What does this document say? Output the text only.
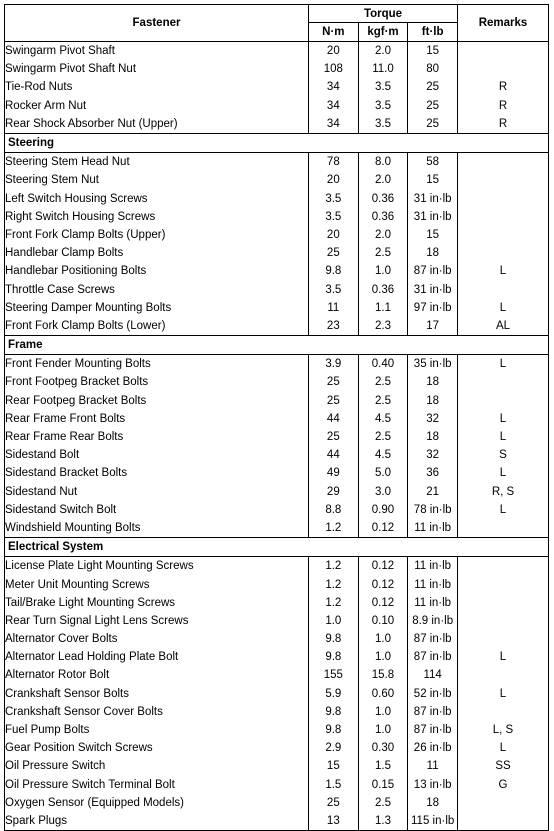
Fastener	Torque			Remarks
	N·m	kgf·m	ft·lb	
Swingarm Pivot Shaft	20	2.0	15	
Swingarm Pivot Shaft Nut	108	11.0	80	
Tie-Rod Nuts	34	3.5	25	R
Rocker Arm Nut	34	3.5	25	R
Rear Shock Absorber Nut (Upper)	34	3.5	25	R
Steering				
Steering Stem Head Nut	78	8.0	58	
Steering Stem Nut	20	2.0	15	
Left Switch Housing Screws	3.5	0.36	31 in·lb	
Right Switch Housing Screws	3.5	0.36	31 in·lb	
Front Fork Clamp Bolts (Upper)	20	2.0	15	
Handlebar Clamp Bolts	25	2.5	18	
Handlebar Positioning Bolts	9.8	1.0	87 in·lb	L
Throttle Case Screws	3.5	0.36	31 in·lb	
Steering Damper Mounting Bolts	11	1.1	97 in·lb	L
Front Fork Clamp Bolts (Lower)	23	2.3	17	AL
Frame				
Front Fender Mounting Bolts	3.9	0.40	35 in·lb	L
Front Footpeg Bracket Bolts	25	2.5	18	
Rear Footpeg Bracket Bolts	25	2.5	18	
Rear Frame Front Bolts	44	4.5	32	L
Rear Frame Rear Bolts	25	2.5	18	L
Sidestand Bolt	44	4.5	32	S
Sidestand Bracket Bolts	49	5.0	36	L
Sidestand Nut	29	3.0	21	R, S
Sidestand Switch Bolt	8.8	0.90	78 in·lb	L
Windshield Mounting Bolts	1.2	0.12	11 in·lb	
Electrical System				
License Plate Light Mounting Screws	1.2	0.12	11 in·lb	
Meter Unit Mounting Screws	1.2	0.12	11 in·lb	
Tail/Brake Light Mounting Screws	1.2	0.12	11 in·lb	
Rear Turn Signal Light Lens Screws	1.0	0.10	8.9 in·lb	
Alternator Cover Bolts	9.8	1.0	87 in·lb	
Alternator Lead Holding Plate Bolt	9.8	1.0	87 in·lb	L
Alternator Rotor Bolt	155	15.8	114	
Crankshaft Sensor Bolts	5.9	0.60	52 in·lb	L
Crankshaft Sensor Cover Bolts	9.8	1.0	87 in·lb	
Fuel Pump Bolts	9.8	1.0	87 in·lb	L, S
Gear Position Switch Screws	2.9	0.30	26 in·lb	L
Oil Pressure Switch	15	1.5	11	SS
Oil Pressure Switch Terminal Bolt	1.5	0.15	13 in·lb	G
Oxygen Sensor (Equipped Models)	25	2.5	18	
Spark Plugs	13	1.3	115 in·lb	
